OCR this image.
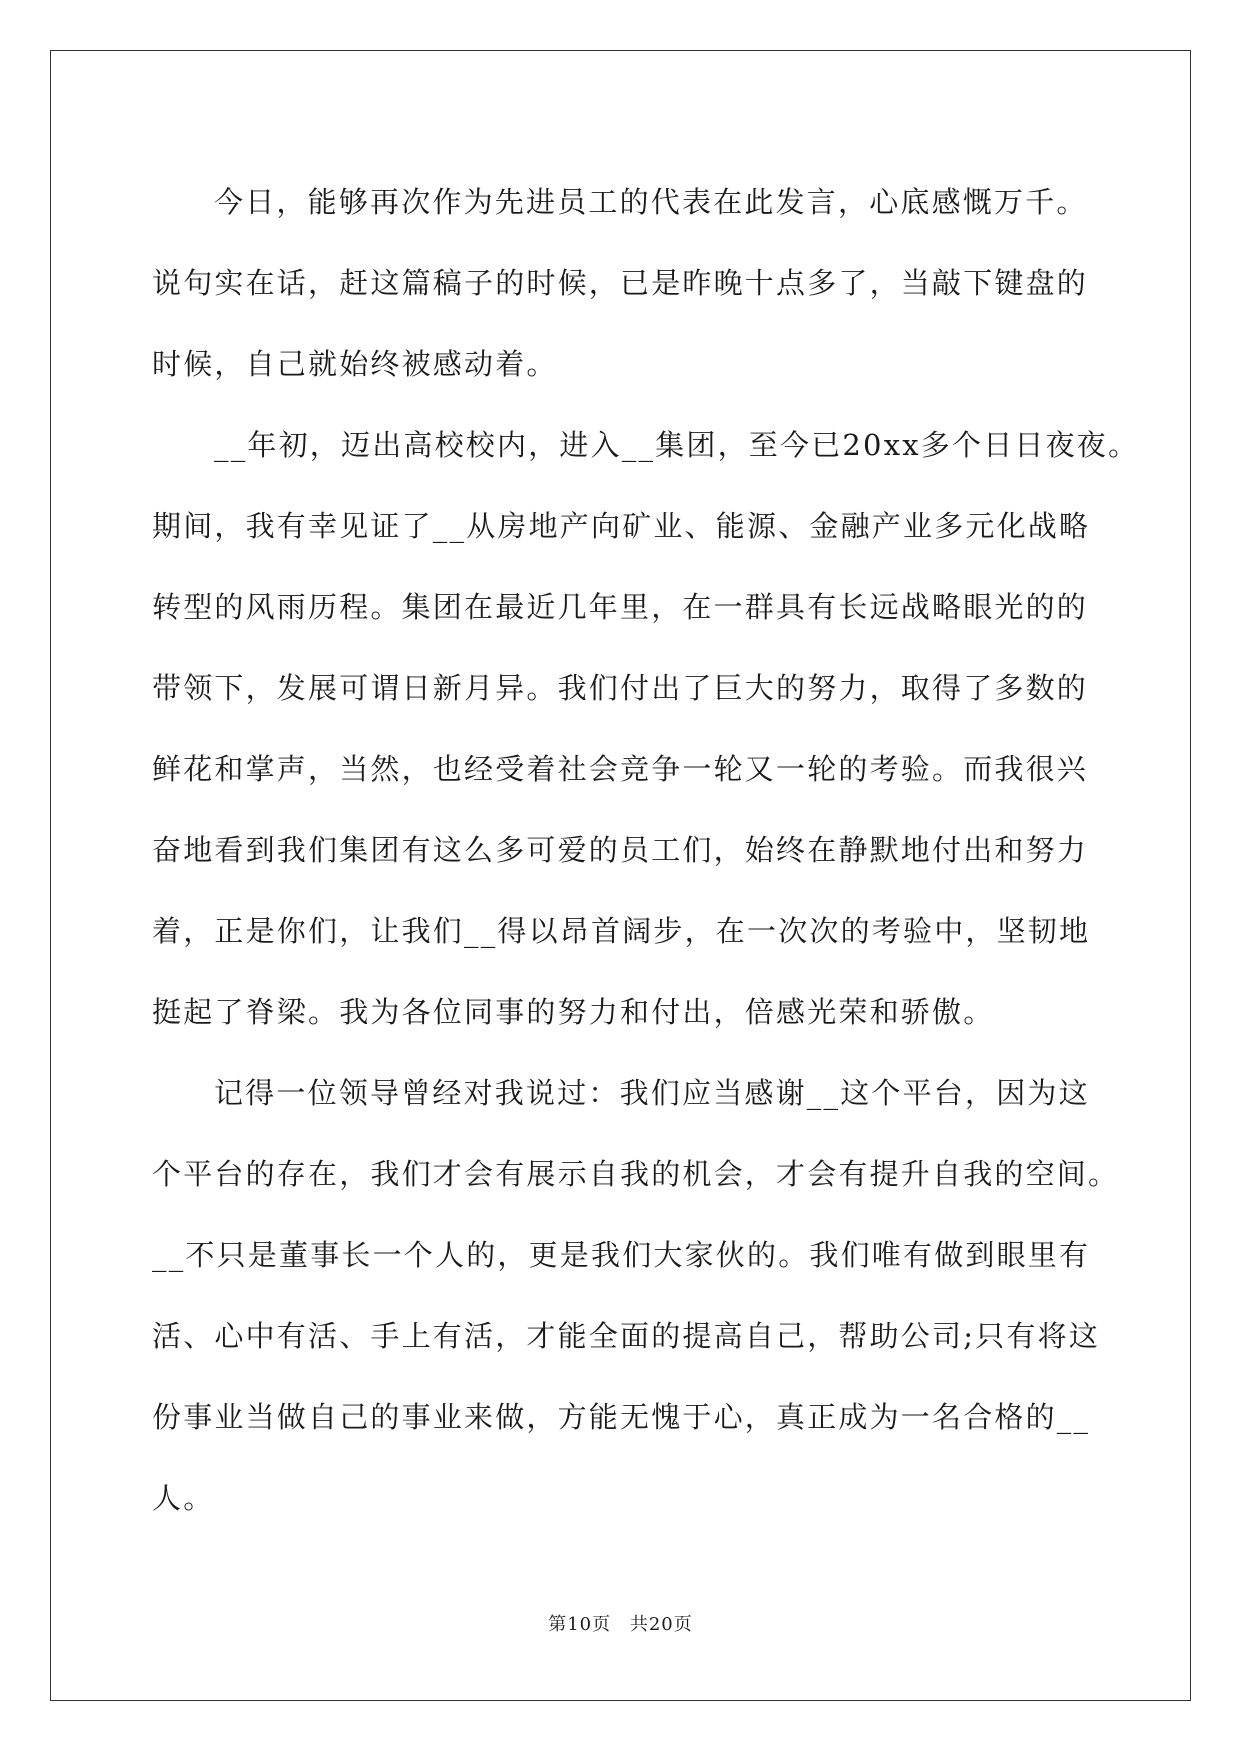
今日，能够再次作为先进员工的代表在此发言，心底感慨万千。
说句实在话，赶这篇稿子的时候，已是昨晚十点多了，当敲下键盘的
时候，自己就始终被感动着。
__年初，迈出高校校内，进入__集团，至今已20xx多个日日夜夜。
期间，我有幸见证了__从房地产向矿业、能源、金融产业多元化战略
转型的风雨历程。集团在最近几年里，在一群具有长远战略眼光的的
带领下，发展可谓日新月异。我们付出了巨大的努力，取得了多数的
鲜花和掌声，当然，也经受着社会竞争一轮又一轮的考验。而我很兴
奋地看到我们集团有这么多可爱的员工们，始终在静默地付出和努力
着，正是你们，让我们__得以昂首阔步，在一次次的考验中，坚韧地
挺起了脊梁。我为各位同事的努力和付出，倍感光荣和骄傲。
记得一位领导曾经对我说过：我们应当感谢__这个平台，因为这
个平台的存在，我们才会有展示自我的机会，才会有提升自我的空间。
__不只是董事长一个人的，更是我们大家伙的。我们唯有做到眼里有
活、心中有活、手上有活，才能全面的提高自己，帮助公司;只有将这
份事业当做自己的事业来做，方能无愧于心，真正成为一名合格的__
人。
第10页 共20页
